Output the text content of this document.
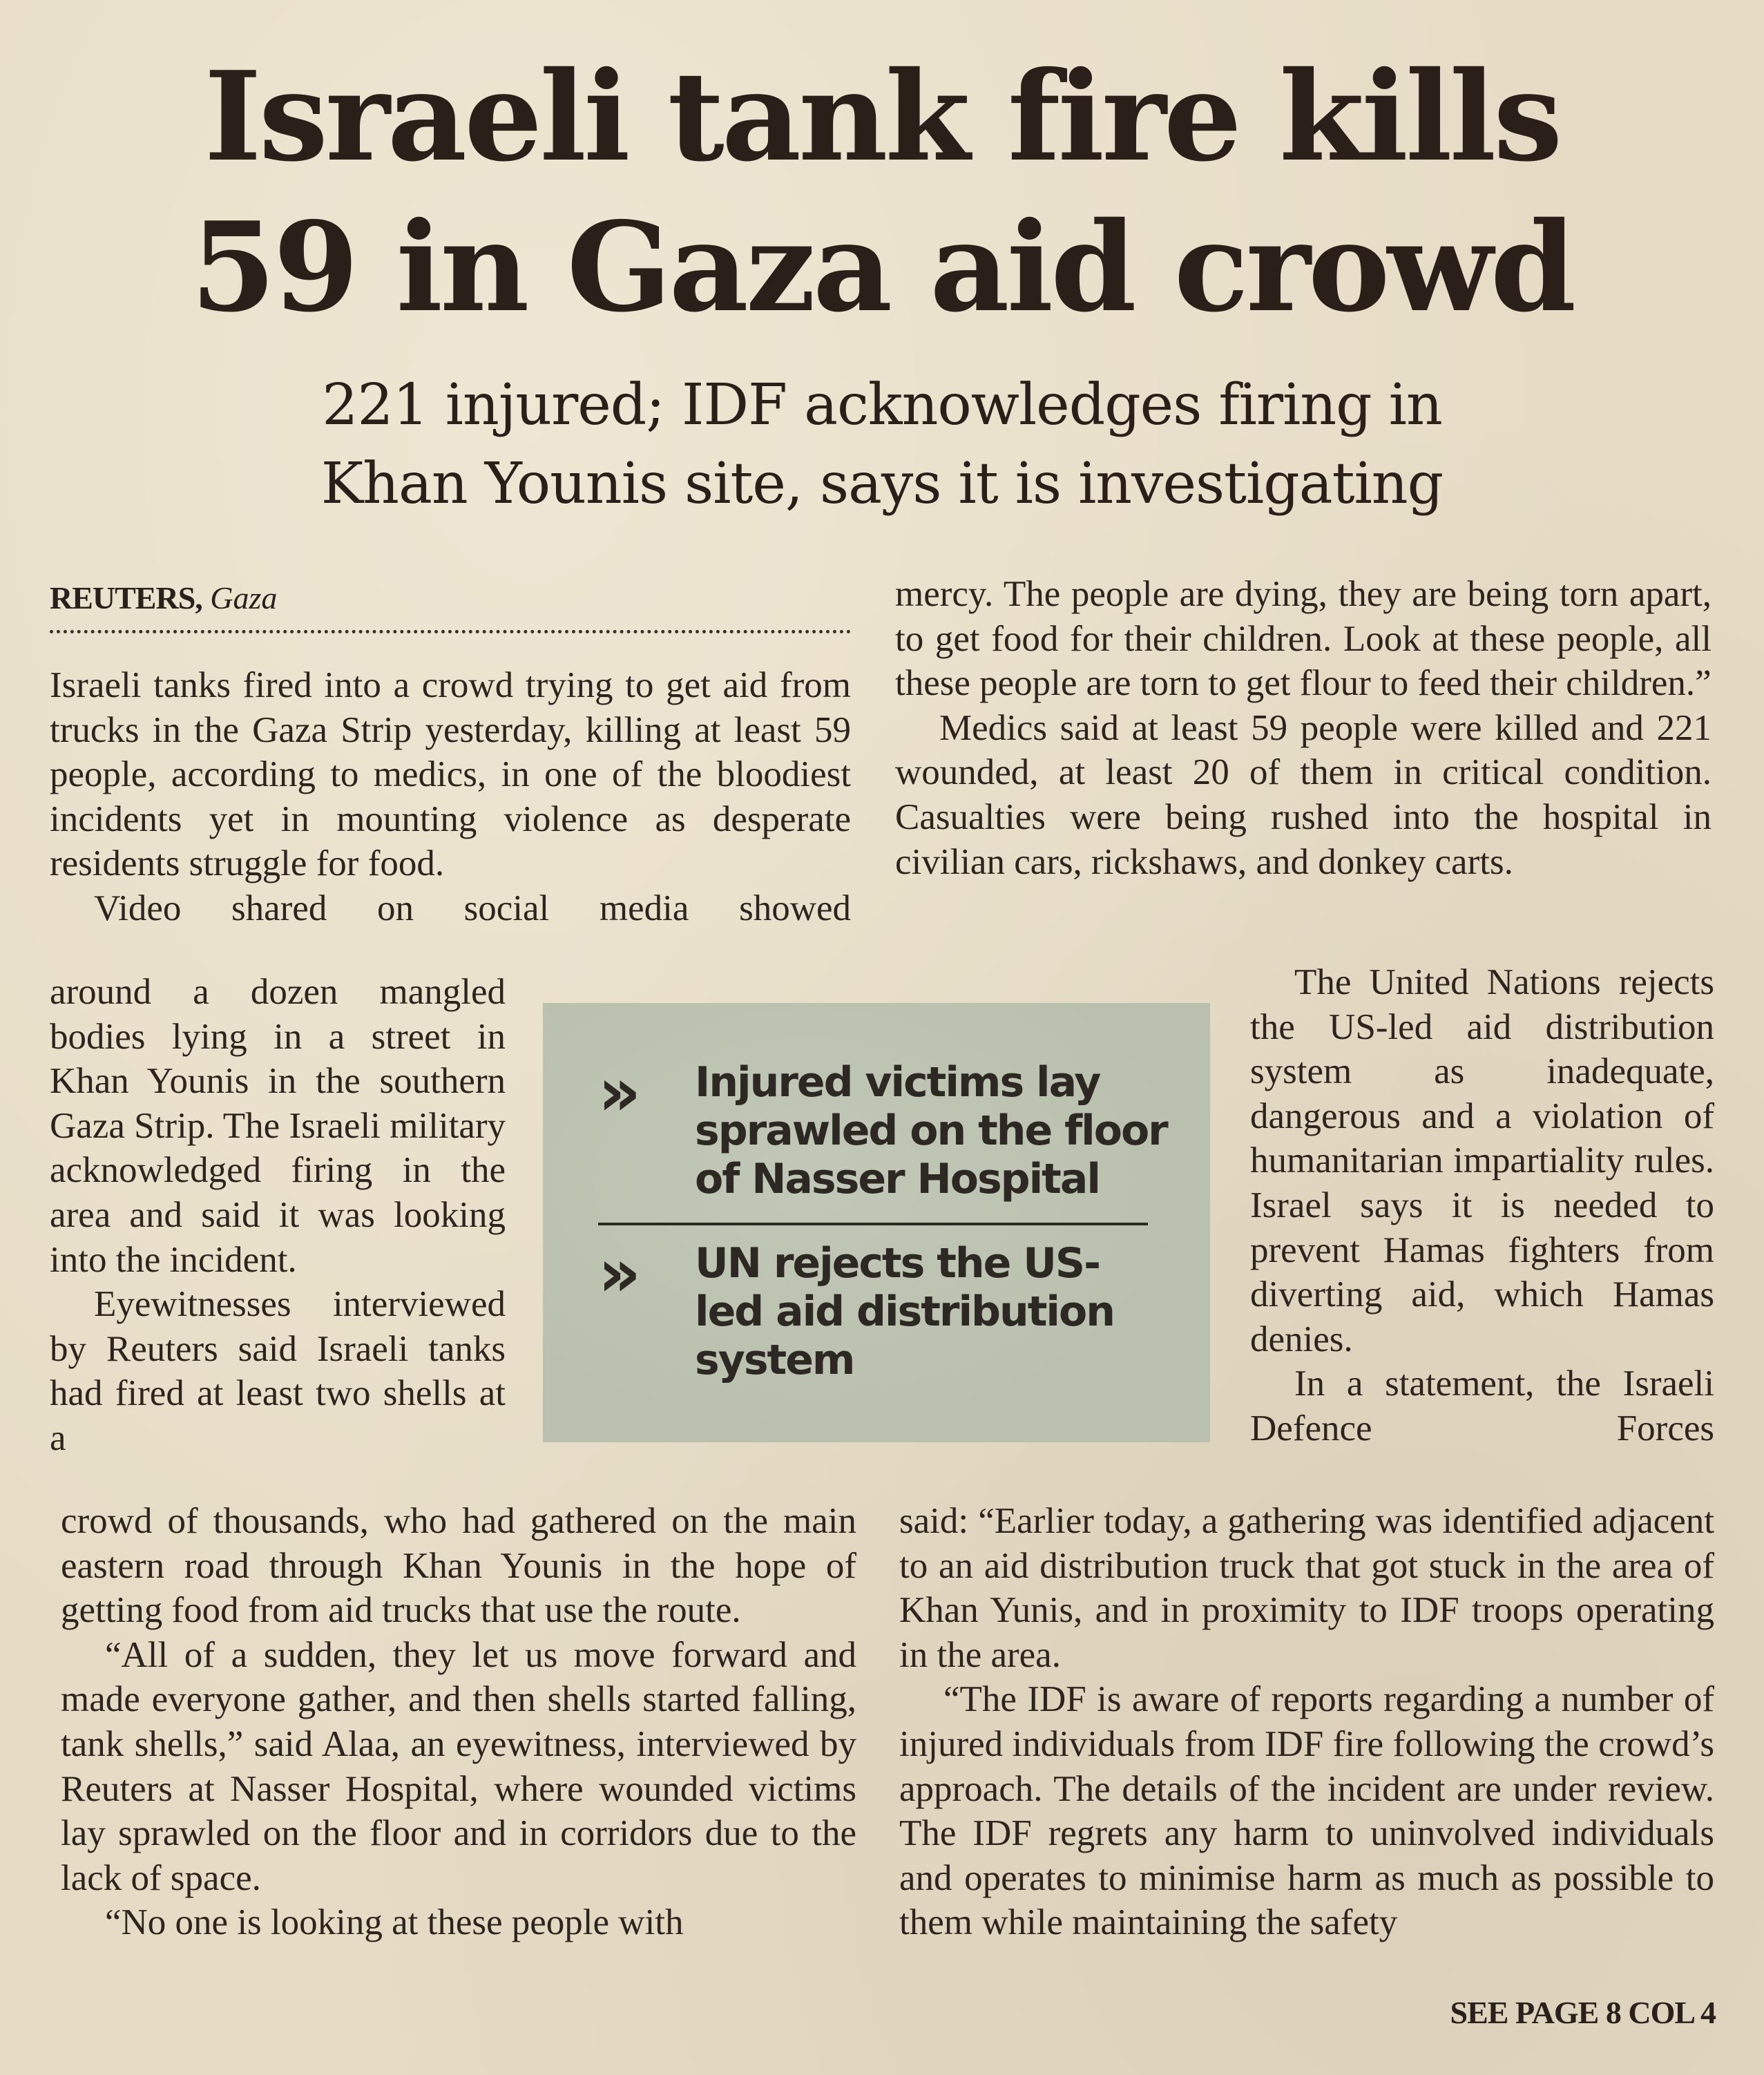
Israeli tank fire kills
59 in Gaza aid crowd
221 injured; IDF acknowledges firing in
Khan Younis site, says it is investigating
REUTERS, Gaza

Israeli tanks fired into a crowd trying to get aid from trucks in the Gaza Strip yesterday, killing at least 59 people, according to medics, in one of the bloodiest incidents yet in mounting violence as desperate residents struggle for food.

Video shared on social media showed

around a dozen mangled bodies lying in a street in Khan Younis in the southern Gaza Strip. The Israeli military acknowledged firing in the area and said it was looking into the incident.

Eyewitnesses interviewed by Reuters said Israeli tanks had fired at least two shells at a

crowd of thousands, who had gathered on the main eastern road through Khan Younis in the hope of getting food from aid trucks that use the route.

“All of a sudden, they let us move forward and made everyone gather, and then shells started falling, tank shells,” said Alaa, an eyewitness, interviewed by Reuters at Nasser Hospital, where wounded victims lay sprawled on the floor and in corridors due to the lack of space.

“No one is looking at these people with

mercy. The people are dying, they are being torn apart, to get food for their children. Look at these people, all these people are torn to get flour to feed their children.”

Medics said at least 59 people were killed and 221 wounded, at least 20 of them in critical condition. Casualties were being rushed into the hospital in civilian cars, rickshaws, and donkey carts.

The United Nations rejects the US-led aid distribution system as inadequate, dangerous and a violation of humanitarian impartiality rules. Israel says it is needed to prevent Hamas fighters from diverting aid, which Hamas denies.

In a statement, the Israeli Defence Forces

said: “Earlier today, a gathering was identified adjacent to an aid distribution truck that got stuck in the area of Khan Yunis, and in proximity to IDF troops operating in the area.

“The IDF is aware of reports regarding a number of injured individuals from IDF fire following the crowd’s approach. The details of the incident are under review. The IDF regrets any harm to uninvolved individuals and operates to minimise harm as much as possible to them while maintaining the safety

» Injured victims lay
sprawled on the floor
of Nasser Hospital
» UN rejects the US-
led aid distribution
system
SEE PAGE 8 COL 4
